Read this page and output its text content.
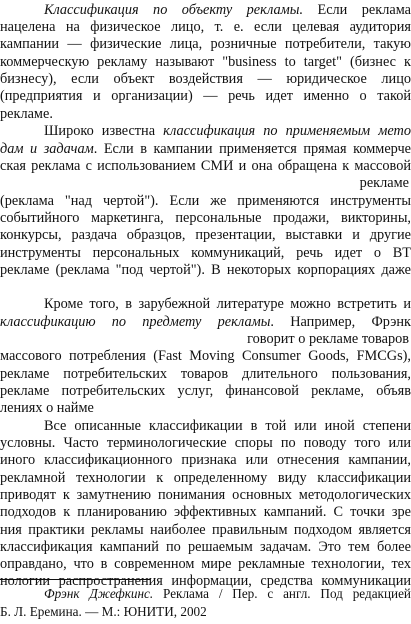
Классификация по объекту рекламы. Если реклама
нацелена на физическое лицо, т. е. если целевая аудитория
кампании — физические лица, розничные потребители, такую
коммерческую рекламу называют "business to target" (бизнес к
бизнесу), если объект воздействия — юридическое лицо
(предприятия и организации) — речь идет именно о такой
рекламе.
Широко известна классификация по применяемым мето
дам и задачам. Если в кампании применяется прямая коммерче
ская реклама с использованием СМИ и она обращена к массовой
рекламе
(реклама "над чертой"). Если же применяются инструменты
событийного маркетинга, персональные продажи, викторины,
конкурсы, раздача образцов, презентации, выставки и другие
инструменты персональных коммуникаций, речь идет о BT
рекламе (реклама "под чертой"). В некоторых корпорациях даже
Кроме того, в зарубежной литературе можно встретить и
классификацию по предмету рекламы. Например, Фрэнк
говорит о рекламе товаров
массового потребления (Fast Moving Consumer Goods, FMCGs),
рекламе потребительских товаров длительного пользования,
рекламе потребительских услуг, финансовой рекламе, объяв
лениях о найме
Все описанные классификации в той или иной степени
условны. Часто терминологические споры по поводу того или
иного классификационного признака или отнесения кампании,
рекламной технологии к определенному виду классификации
приводят к замутнению понимания основных методологических
подходов к планированию эффективных кампаний. С точки зре
ния практики рекламы наиболее правильным подходом является
классификация кампаний по решаемым задачам. Это тем более
оправдано, что в современном мире рекламные технологии, тех
нологии распространения информации, средства коммуникации
Фрэнк Джефкинс. Реклама / Пер. с англ. Под редакцией
Б. Л. Еремина. — М.: ЮНИТИ, 2002
